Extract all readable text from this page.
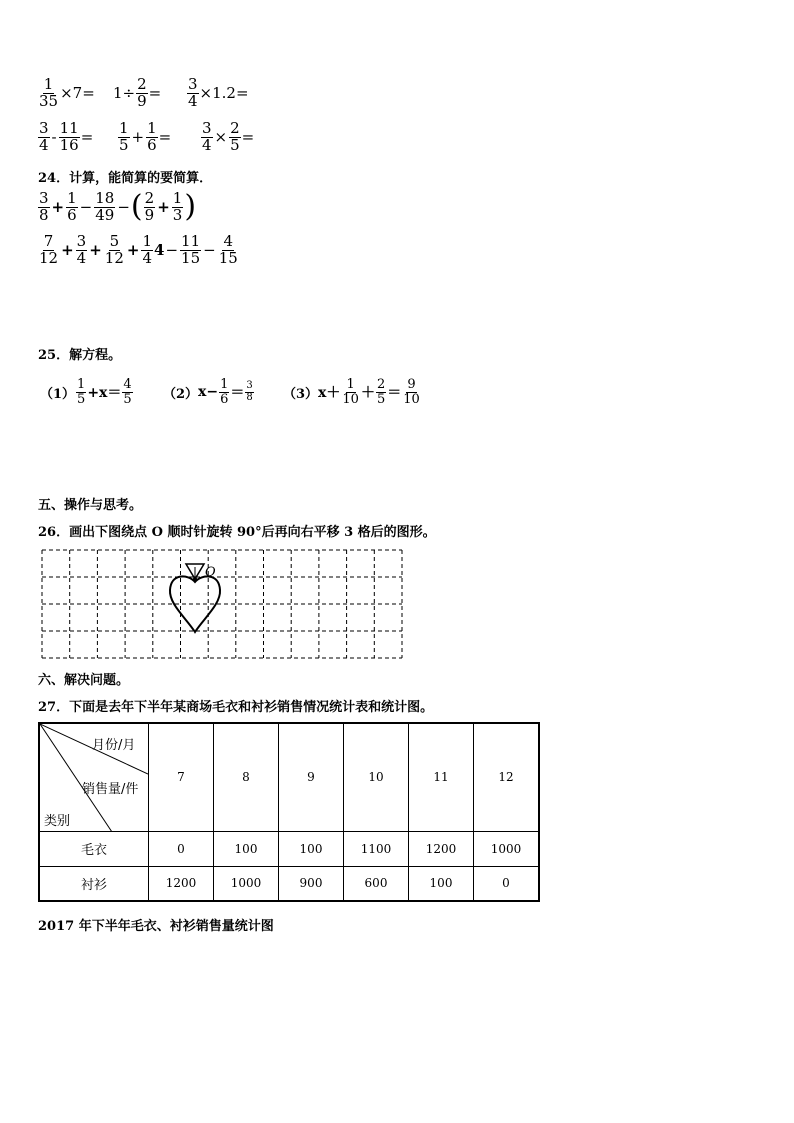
$\frac{1}{35} \times 7= 1\div \frac{2}{9} = \frac{3}{4} \times 1.2=$
$\frac{3}{4} - \frac{11}{16} = \frac{1}{5} + \frac{1}{6} = \frac{3}{4} \times \frac{2}{5}$ =
24．计算，能简算的要简算．
$\frac{3}{8} + \frac{1}{6} - \frac{18}{49}$ − ( $\frac{2}{9} + \frac{1}{3}$ )
$\frac{7}{12} + \frac{3}{4} + \frac{5}{12} + \frac{1}{4} 4 - \frac{11}{15} - \frac{4}{15}$
25．解方程。
$(1) \frac{1}{5} +x= \frac{4}{5} (2)$ $x- \frac{1}{6} = \frac{3}{8} (3)$ $x+ \frac{1}{10} + \frac{2}{5} = \frac{9}{10}$
五、操作与思考。
26．画出下图绕点 O 顺时针旋转 90°后再向右平移 3 格后的图形。
O
六、解决问题。
27．下面是去年下半年某商场毛衣和衬衫销售情况统计表和统计图。
月份/月
销售量/件
类别	7	8	9	10	11	12
毛衣	0	100	100	1100	1200	1000
衬衫	1200	1000	900	600	100	0
2017 年下半年毛衣、衬衫销售量统计图
